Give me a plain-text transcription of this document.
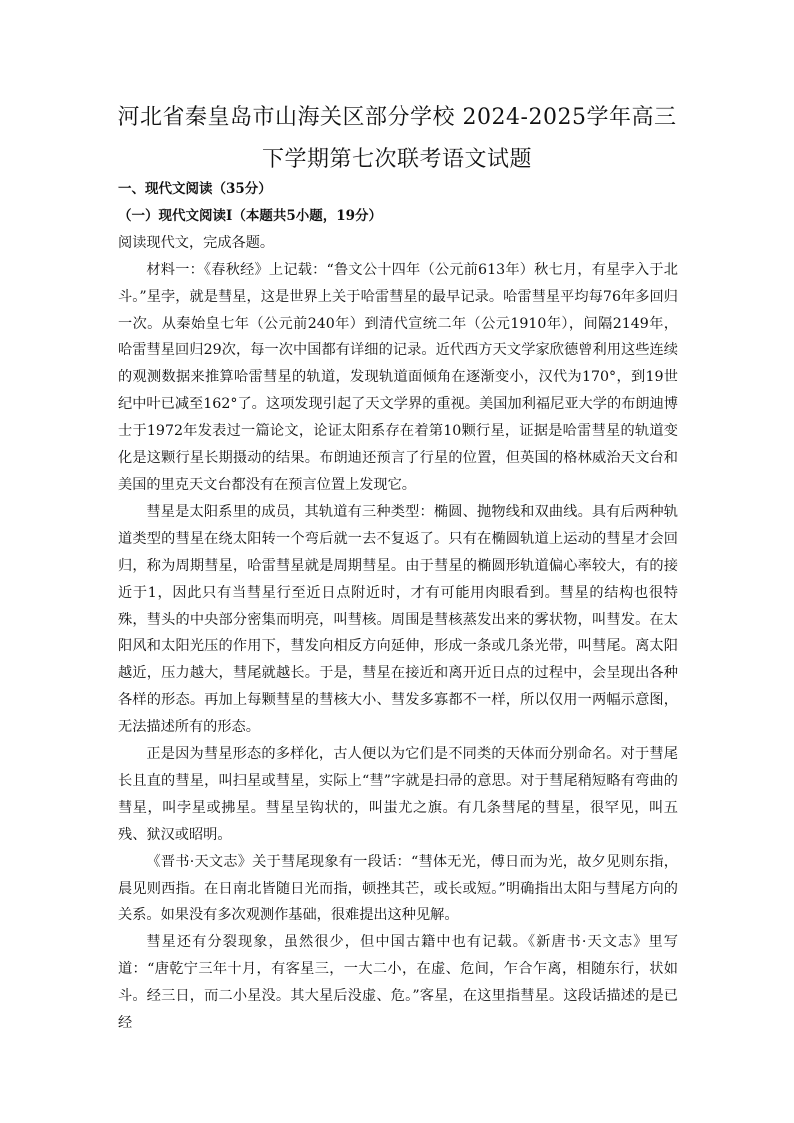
河北省秦皇岛市山海关区部分学校 2024-2025学年高三
下学期第七次联考语文试题

一、现代文阅读（35分）

（一）现代文阅读Ⅰ（本题共5小题，19分）

阅读现代文，完成各题。

材料一：《春秋经》上记载：“鲁文公十四年（公元前613年）秋七月，有星孛入于北斗。”星孛，就是彗星，这是世界上关于哈雷彗星的最早记录。哈雷彗星平均每76年多回归一次。从秦始皇七年（公元前240年）到清代宣统二年（公元1910年），间隔2149年，哈雷彗星回归29次，每一次中国都有详细的记录。近代西方天文学家欣德曾利用这些连续的观测数据来推算哈雷彗星的轨道，发现轨道面倾角在逐渐变小，汉代为170°，到19世纪中叶已减至162°了。这项发现引起了天文学界的重视。美国加利福尼亚大学的布朗迪博士于1972年发表过一篇论文，论证太阳系存在着第10颗行星，证据是哈雷彗星的轨道变化是这颗行星长期摄动的结果。布朗迪还预言了行星的位置，但英国的格林威治天文台和美国的里克天文台都没有在预言位置上发现它。

彗星是太阳系里的成员，其轨道有三种类型：椭圆、抛物线和双曲线。具有后两种轨道类型的彗星在绕太阳转一个弯后就一去不复返了。只有在椭圆轨道上运动的彗星才会回归，称为周期彗星，哈雷彗星就是周期彗星。由于彗星的椭圆形轨道偏心率较大，有的接近于1，因此只有当彗星行至近日点附近时，才有可能用肉眼看到。彗星的结构也很特殊，彗头的中央部分密集而明亮，叫彗核。周围是彗核蒸发出来的雾状物，叫彗发。在太阳风和太阳光压的作用下，彗发向相反方向延伸，形成一条或几条光带，叫彗尾。离太阳越近，压力越大，彗尾就越长。于是，彗星在接近和离开近日点的过程中，会呈现出各种各样的形态。再加上每颗彗星的彗核大小、彗发多寡都不一样，所以仅用一两幅示意图，无法描述所有的形态。

正是因为彗星形态的多样化，古人便以为它们是不同类的天体而分别命名。对于彗尾长且直的彗星，叫扫星或彗星，实际上“彗”字就是扫帚的意思。对于彗尾稍短略有弯曲的彗星，叫孛星或拂星。彗星呈钩状的，叫蚩尤之旗。有几条彗尾的彗星，很罕见，叫五残、狱汉或昭明。

《晋书·天文志》关于彗尾现象有一段话：“彗体无光，傅日而为光，故夕见则东指，晨见则西指。在日南北皆随日光而指，顿挫其芒，或长或短。”明确指出太阳与彗尾方向的关系。如果没有多次观测作基础，很难提出这种见解。

彗星还有分裂现象，虽然很少，但中国古籍中也有记载。《新唐书·天文志》里写道：“唐乾宁三年十月，有客星三，一大二小，在虚、危间，乍合乍离，相随东行，状如斗。经三日，而二小星没。其大星后没虚、危。”客星，在这里指彗星。这段话描述的是已经
